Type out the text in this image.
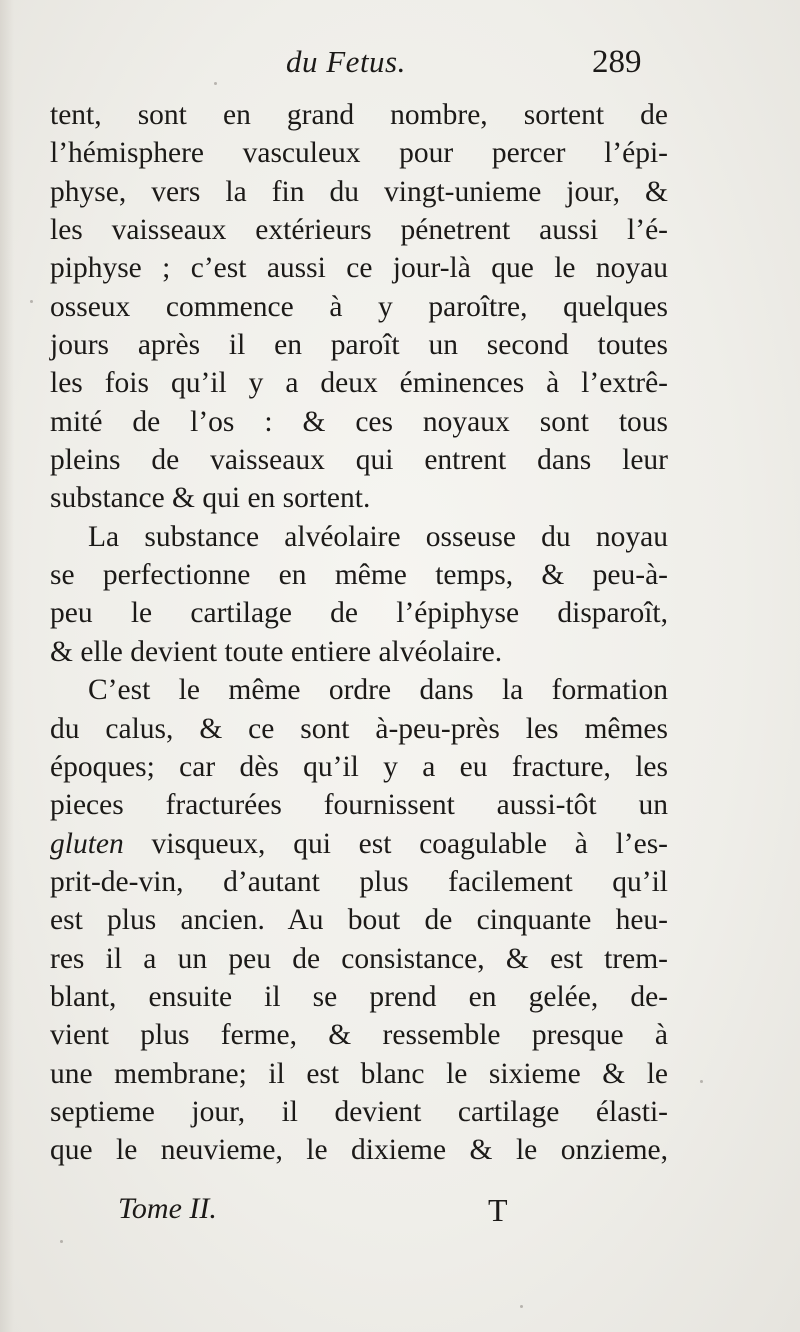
du Fetus.	289
tent, sont en grand nombre, sortent de
l’hémisphere vasculeux pour percer l’épi-
physe, vers la fin du vingt-unieme jour, &
les vaisseaux extérieurs pénetrent aussi l’é-
piphyse ; c’est aussi ce jour-là que le noyau
osseux commence à y paroître, quelques
jours après il en paroît un second toutes
les fois qu’il y a deux éminences à l’extrê-
mité de l’os : & ces noyaux sont tous
pleins de vaisseaux qui entrent dans leur
substance & qui en sortent.
La substance alvéolaire osseuse du noyau
se perfectionne en même temps, & peu-à-
peu le cartilage de l’épiphyse disparoît,
& elle devient toute entiere alvéolaire.
C’est le même ordre dans la formation
du calus, & ce sont à-peu-près les mêmes
époques; car dès qu’il y a eu fracture, les
pieces fracturées fournissent aussi-tôt un
gluten visqueux, qui est coagulable à l’es-
prit-de-vin, d’autant plus facilement qu’il
est plus ancien. Au bout de cinquante heu-
res il a un peu de consistance, & est trem-
blant, ensuite il se prend en gelée, de-
vient plus ferme, & ressemble presque à
une membrane; il est blanc le sixieme & le
septieme jour, il devient cartilage élasti-
que le neuvieme, le dixieme & le onzieme,
Tome II.	T
